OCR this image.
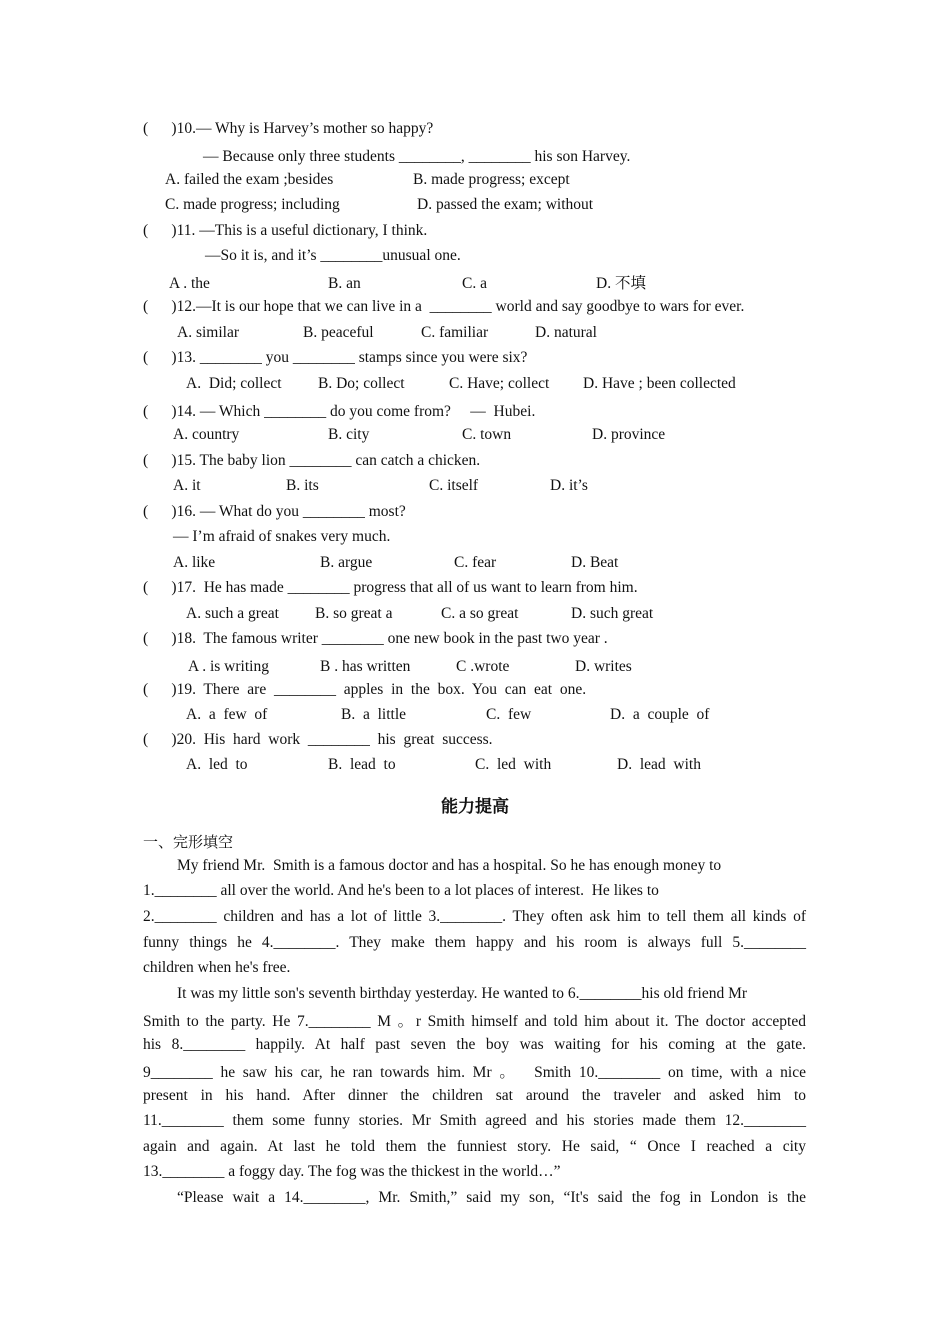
(      )10.— Why is Harvey’s mother so happy?
— Because only three students ________, ________ his son Harvey.
A. failed the exam ;besides	B. made progress; except
C. made progress; including	D. passed the exam; without
(      )11. —This is a useful dictionary, I think.
—So it is, and it’s ________unusual one.
A . the	B. an	C. a	D. 不填
(      )12.—It is our hope that we can live in a  ________ world and say goodbye to wars for ever.
A. similar	B. peaceful	C. familiar	D. natural
(      )13. ________ you ________ stamps since you were six?
A.  Did; collect B. Do; collect	C. Have; collect D. Have ; been collected
(      )14. — Which ________ do you come from?     —  Hubei.
A. country	B. city	C. town	D. province
(      )15. The baby lion ________ can catch a chicken.
A. it	B. its	C. itself	D. it’s
(      )16. — What do you ________ most?
— I’m afraid of snakes very much.
A. like	B. argue	C. fear	D. Beat
(      )17.  He has made ________ progress that all of us want to learn from him.
A. such a great B. so great a	C. a so great	D. such great
(      )18.  The famous writer ________ one new book in the past two year .
A . is writing	B . has written	C .wrote	D. writes
(      )19.  There  are  ________  apples  in  the  box.  You  can  eat  one.
A.  a  few  of	B.  a  little	C.  few	D.  a  couple  of
(      )20.  His  hard  work  ________  his  great  success.
A.  led  to	B.  lead  to	C.  led  with	D.  lead  with
能力提高
一、完形填空
My friend Mr.  Smith is a famous doctor and has a hospital. So he has enough money to
1.________ all over the world. And he's been to a lot places of interest.  He likes to
2.________ children and has a lot of little 3.________. They often ask him to tell them all kinds of
funny things he 4.________. They make them happy and his room is always full 5.________
children when he's free.
It was my little son's seventh birthday yesterday. He wanted to 6.________his old friend Mr
Smith to the party. He 7.________ M 。r Smith himself and told him about it. The doctor accepted
his 8.________ happily. At half past seven the boy was waiting for his coming at the gate.
9________ he saw his car, he ran towards him. Mr 。  Smith 10.________ on time, with a nice
present in his hand. After dinner the children sat around the traveler and asked him to
11.________ them some funny stories. Mr Smith agreed and his stories made them 12.________
again and again. At last he told them the funniest story. He said, “ Once I reached a city
13.________ a foggy day. The fog was the thickest in the world…”
“Please wait a 14.________, Mr. Smith,” said my son, “It's said the fog in London is the
